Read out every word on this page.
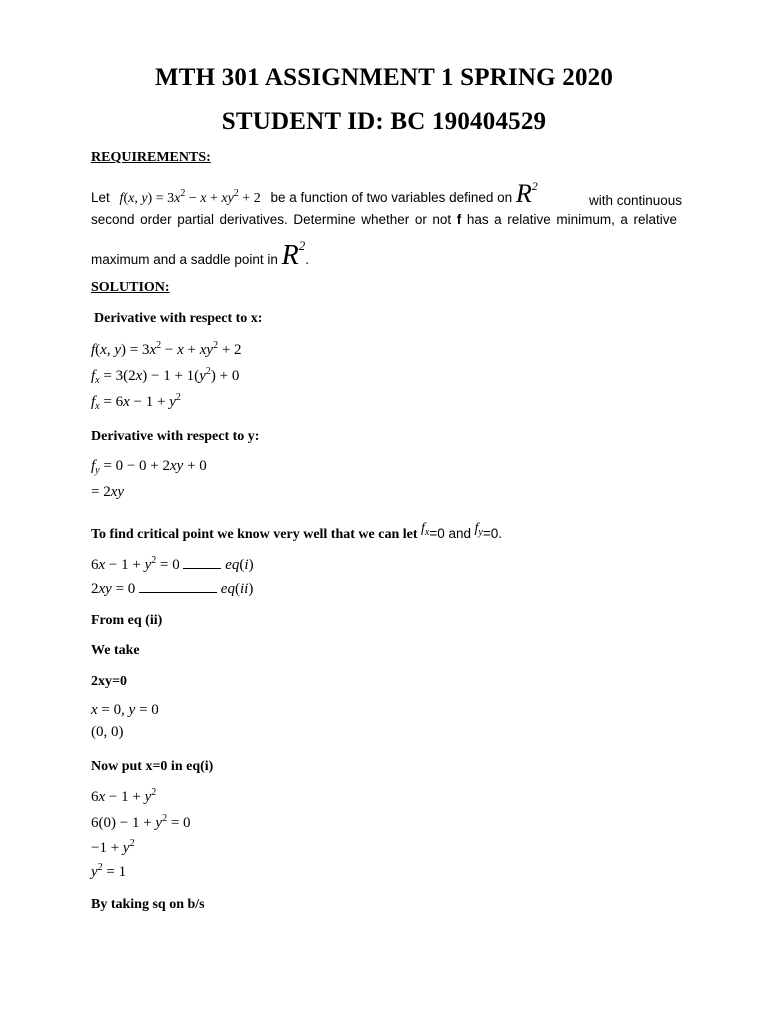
MTH 301 ASSIGNMENT 1 SPRING 2020
STUDENT ID: BC 190404529
REQUIREMENTS:
Let f(x, $y) = 3x^2 - x + xy^2 + 2$ be a function of two variables defined on $R^2$
with continuous
second order partial derivatives. Determine whether or not f has a relative minimum, a relative
maximum and a saddle point in $R^2$.
SOLUTION:
Derivative with respect to x:
f(x, $y) = 3x^2 - x + xy^2 + 2$
$f_x = 3(2x) - 1 + 1(y^2) + 0$
$f_x = 6x - 1 + y^2$
Derivative with respect to y:
$f_y = 0 - 0 + 2xy + 0$
= 2xy
To find critical point we know very well that we can let $f_x=0$ and $f_y=0$.
$6x - 1 + y^2 = 0$	eq(i)
2xy = 0	eq(ii)
From eq (ii)
We take
2xy=0
x = 0, y = 0
(0, 0)
Now put x=0 in eq(i)
$6x - 1 + y^2$
$6(0) - 1 + y^2 = 0$
$-1 + y^2$
$y^2 = 1$
By taking sq on b/s
